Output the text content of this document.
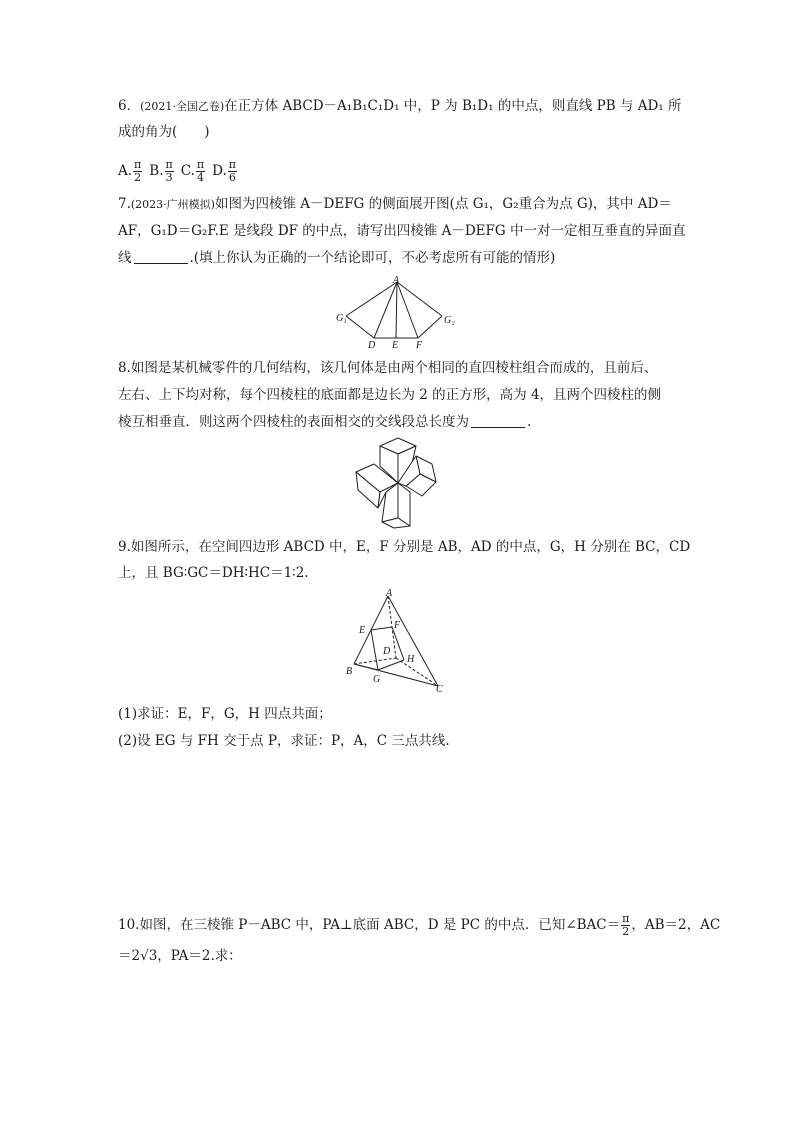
6．(2021·全国乙卷)在正方体 ABCD－A₁B₁C₁D₁ 中，P 为 B₁D₁ 的中点，则直线 PB 与 AD₁ 所
成的角为(　　)
A. $\frac{\pi}{2} B$. $\frac{\pi}{3} C$. $\frac{\pi}{4} D$. $\frac{\pi}{6}$
7.(2023·广州模拟)如图为四棱锥 A－DEFG 的侧面展开图(点 G₁，G₂重合为点 G)，其中 AD＝
AF，G₁D＝G₂F.E 是线段 DF 的中点，请写出四棱锥 A－DEFG 中一对一定相互垂直的异面直
线	.(填上你认为正确的一个结论即可，不必考虑所有可能的情形)
A
G₁	G₂
D E F
8.如图是某机械零件的几何结构，该几何体是由两个相同的直四棱柱组合而成的，且前后、
左右、上下均对称，每个四棱柱的底面都是边长为 2 的正方形，高为 4，且两个四棱柱的侧
棱互相垂直．则这两个四棱柱的表面相交的交线段总长度为	.
9.如图所示，在空间四边形 ABCD 中，E，F 分别是 AB，AD 的中点，G，H 分别在 BC，CD
上，且 BG∶GC＝DH∶HC＝1∶2.
A
E	F
D
H
B
G
C
(1)求证：E，F，G，H 四点共面；
(2)设 EG 与 FH 交于点 P，求证：P，A，C 三点共线.
10.如图，在三棱锥 P－ABC 中，PA⊥底面 ABC，D 是 PC 的中点．已知∠BAC＝ $\frac{\pi}{2}$ ，AB＝2，AC
＝2√3，PA＝2.求：
